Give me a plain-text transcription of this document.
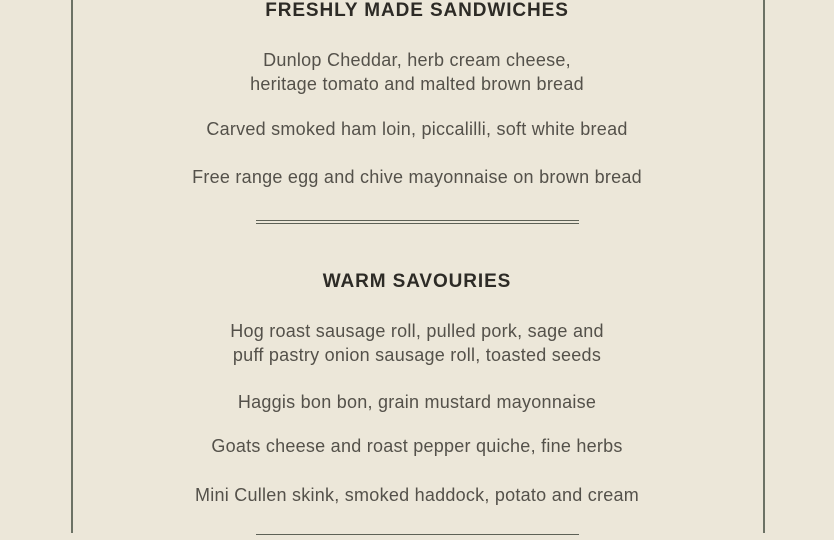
FRESHLY MADE SANDWICHES

Dunlop Cheddar, herb cream cheese,
heritage tomato and malted brown bread

Carved smoked ham loin, piccalilli, soft white bread

Free range egg and chive mayonnaise on brown bread

WARM SAVOURIES

Hog roast sausage roll, pulled pork, sage and
puff pastry onion sausage roll, toasted seeds

Haggis bon bon, grain mustard mayonnaise

Goats cheese and roast pepper quiche, fine herbs

Mini Cullen skink, smoked haddock, potato and cream
